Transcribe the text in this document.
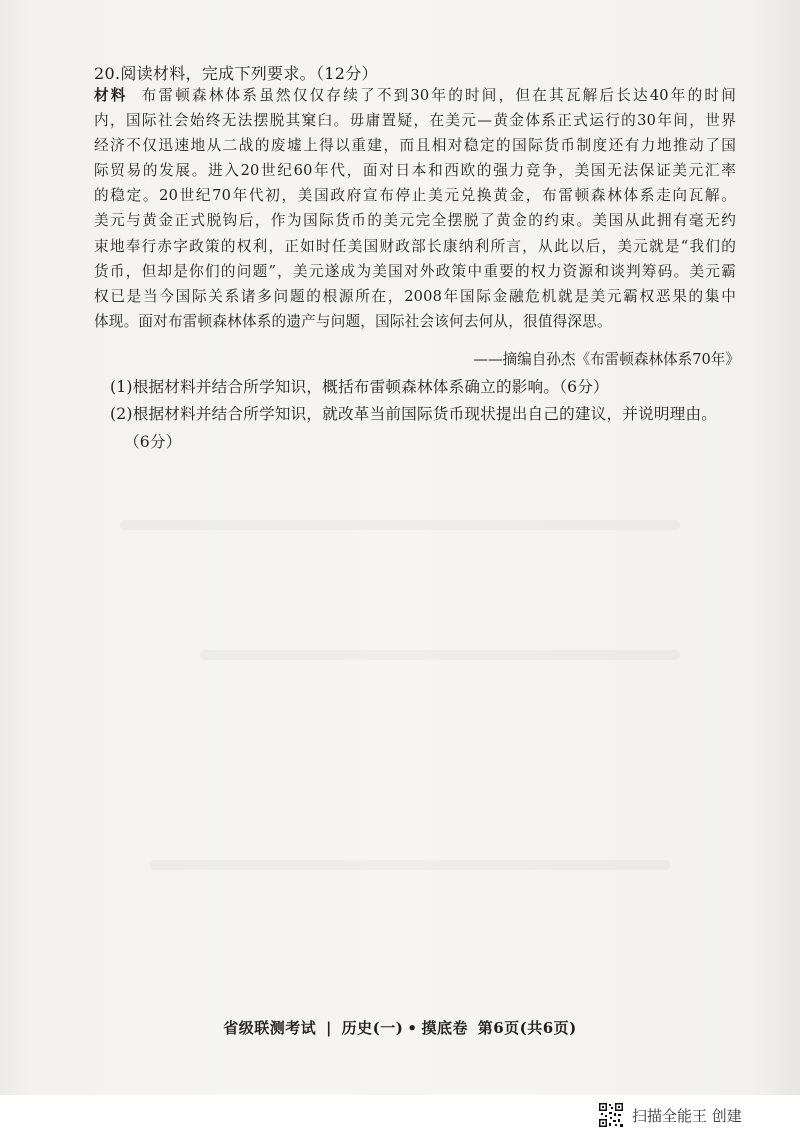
20.阅读材料，完成下列要求。（12分）
材料 布雷顿森林体系虽然仅仅存续了不到30年的时间，但在其瓦解后长达40年的时间
内，国际社会始终无法摆脱其窠臼。毋庸置疑，在美元—黄金体系正式运行的30年间，世界
经济不仅迅速地从二战的废墟上得以重建，而且相对稳定的国际货币制度还有力地推动了国
际贸易的发展。进入20世纪60年代，面对日本和西欧的强力竞争，美国无法保证美元汇率
的稳定。20世纪70年代初，美国政府宣布停止美元兑换黄金，布雷顿森林体系走向瓦解。
美元与黄金正式脱钩后，作为国际货币的美元完全摆脱了黄金的约束。美国从此拥有毫无约
束地奉行赤字政策的权利，正如时任美国财政部长康纳利所言，从此以后，美元就是“我们的
货币，但却是你们的问题”，美元遂成为美国对外政策中重要的权力资源和谈判筹码。美元霸
权已是当今国际关系诸多问题的根源所在，2008年国际金融危机就是美元霸权恶果的集中
体现。面对布雷顿森林体系的遗产与问题，国际社会该何去何从，很值得深思。
——摘编自孙杰《布雷顿森林体系70年》
(1)根据材料并结合所学知识，概括布雷顿森林体系确立的影响。（6分）
(2)根据材料并结合所学知识，就改革当前国际货币现状提出自己的建议，并说明理由。
（6分）
省级联测考试 | 历史(一) • 摸底卷 第6页(共6页)
扫描全能王 创建
